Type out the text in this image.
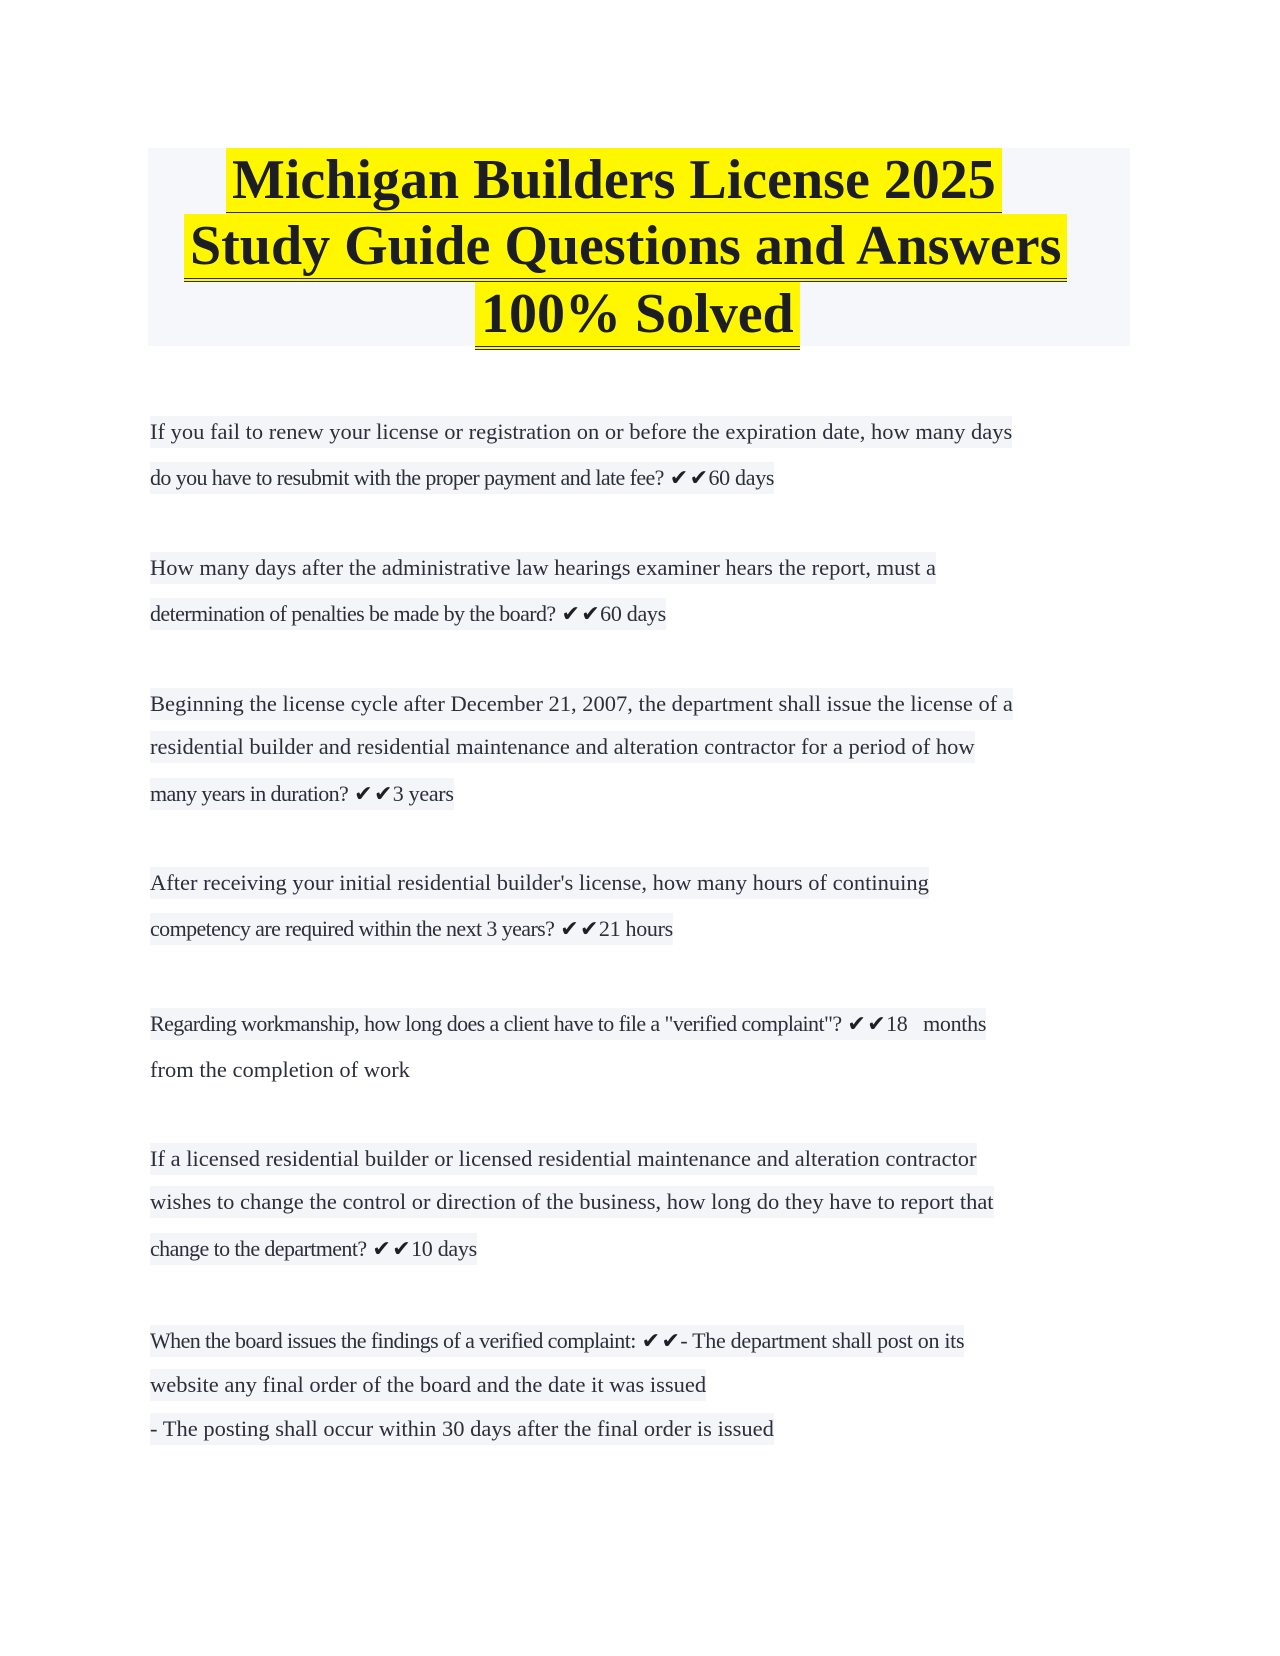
Michigan Builders License 2025
Study Guide Questions and Answers
100% Solved
If you fail to renew your license or registration on or before the expiration date, how many days
do you have to resubmit with the proper payment and late fee? ✔✔60 days
How many days after the administrative law hearings examiner hears the report, must a
determination of penalties be made by the board? ✔✔60 days
Beginning the license cycle after December 21, 2007, the department shall issue the license of a
residential builder and residential maintenance and alteration contractor for a period of how
many years in duration? ✔✔3 years
After receiving your initial residential builder's license, how many hours of continuing
competency are required within the next 3 years? ✔✔21 hours
Regarding workmanship, how long does a client have to file a "verified complaint"? ✔✔18   months
from the completion of work
If a licensed residential builder or licensed residential maintenance and alteration contractor
wishes to change the control or direction of the business, how long do they have to report that
change to the department? ✔✔10 days
When the board issues the findings of a verified complaint: ✔✔- The department shall post on its
website any final order of the board and the date it was issued
- The posting shall occur within 30 days after the final order is issued
